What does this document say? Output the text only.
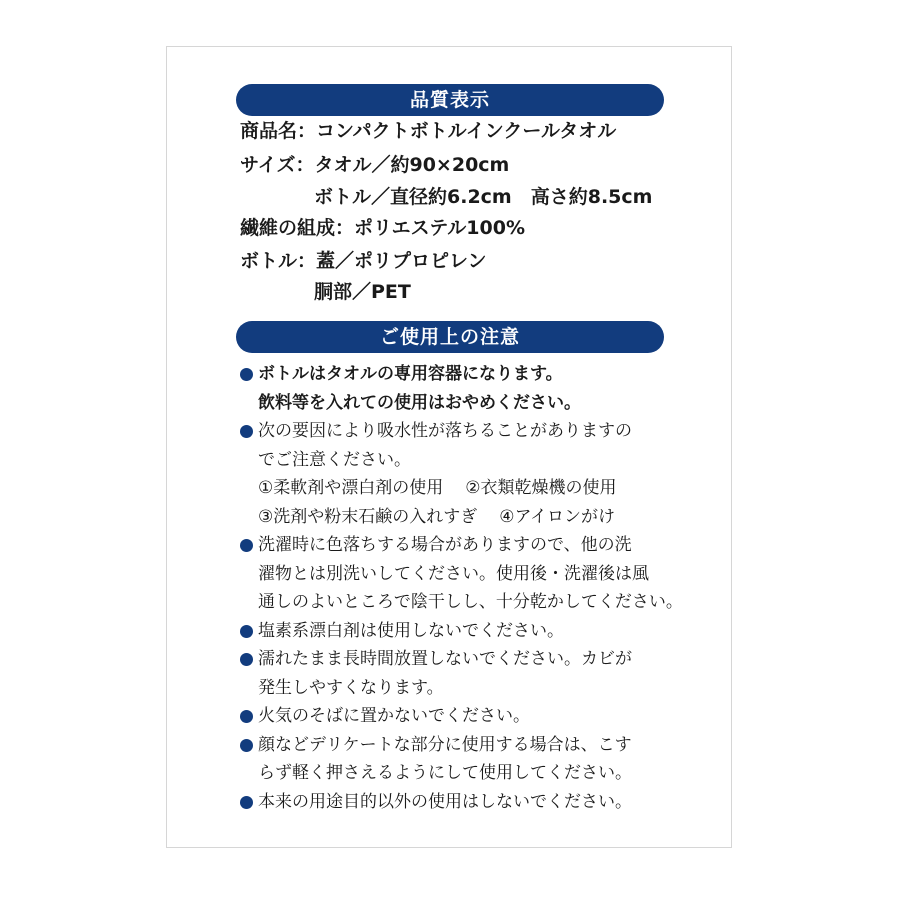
品質表示
商品名：コンパクトボトルインクールタオル
サイズ：タオル／約90×20cm
ボトル／直径約6.2cm　高さ約8.5cm
繊維の組成：ポリエステル100%
ボトル：蓋／ポリプロピレン
胴部／PET
ご使用上の注意
ボトルはタオルの専用容器になります。
飲料等を入れての使用はおやめください。
次の要因により吸水性が落ちることがありますの
でご注意ください。
①柔軟剤や漂白剤の使用 ②衣類乾燥機の使用
③洗剤や粉末石鹸の入れすぎ ④アイロンがけ
洗濯時に色落ちする場合がありますので、他の洗
濯物とは別洗いしてください。使用後・洗濯後は風
通しのよいところで陰干しし、十分乾かしてください。
塩素系漂白剤は使用しないでください。
濡れたまま長時間放置しないでください。カビが
発生しやすくなります。
火気のそばに置かないでください。
顔などデリケートな部分に使用する場合は、こす
らず軽く押さえるようにして使用してください。
本来の用途目的以外の使用はしないでください。
